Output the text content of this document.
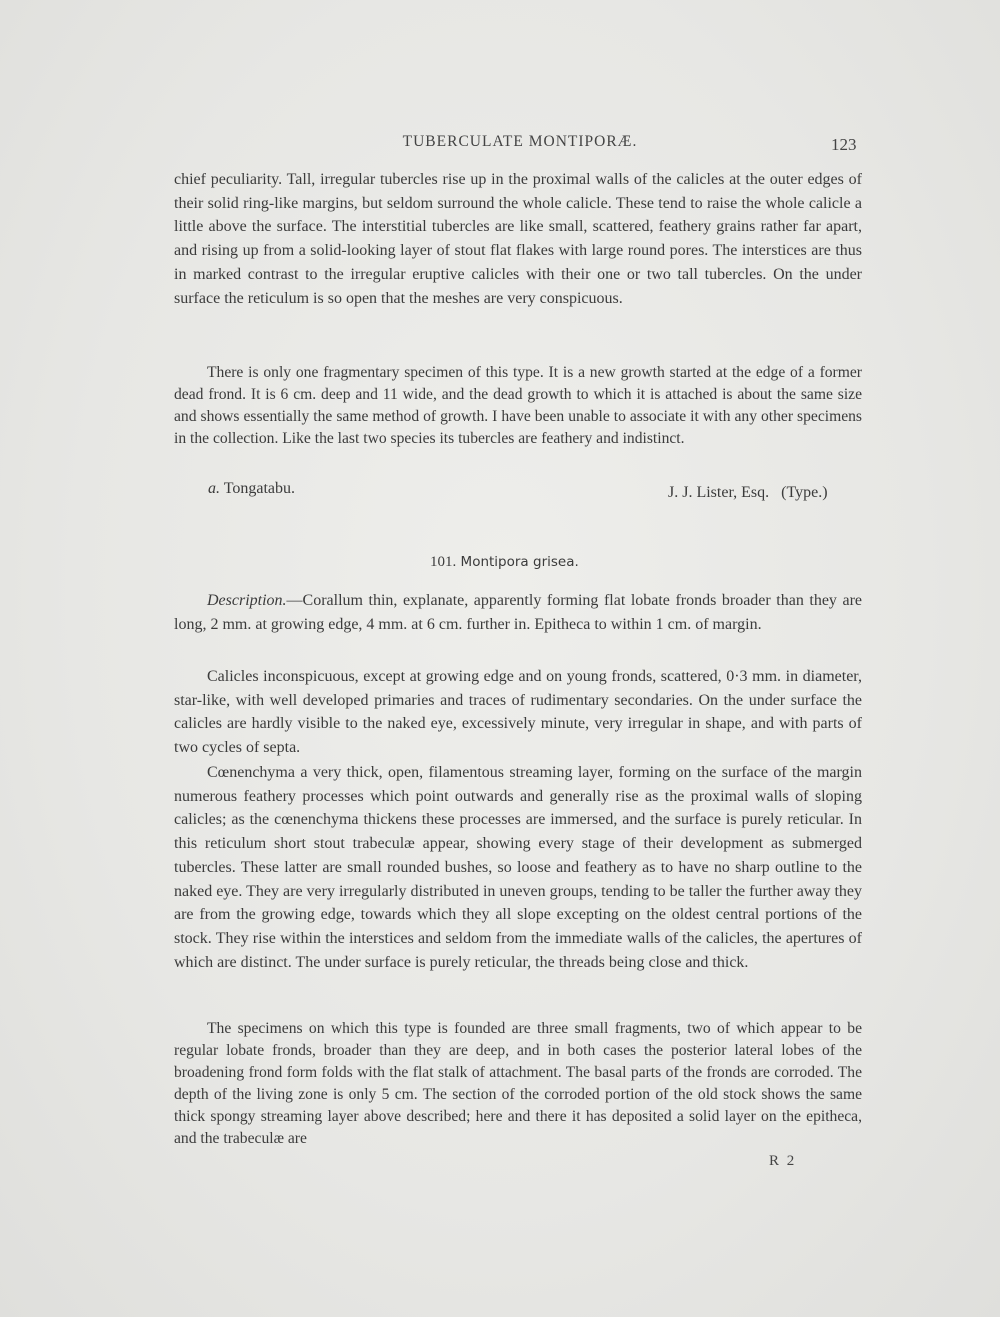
TUBERCULATE MONTIPORÆ.	123
chief peculiarity. Tall, irregular tubercles rise up in the proximal walls of the calicles at the outer edges of their solid ring-like margins, but seldom surround the whole calicle. These tend to raise the whole calicle a little above the surface. The interstitial tubercles are like small, scattered, feathery grains rather far apart, and rising up from a solid-looking layer of stout flat flakes with large round pores. The interstices are thus in marked contrast to the irregular eruptive calicles with their one or two tall tubercles. On the under surface the reticulum is so open that the meshes are very conspicuous.
There is only one fragmentary specimen of this type. It is a new growth started at the edge of a former dead frond. It is 6 cm. deep and 11 wide, and the dead growth to which it is attached is about the same size and shows essentially the same method of growth. I have been unable to associate it with any other specimens in the collection. Like the last two species its tubercles are feathery and indistinct.
a. Tongatabu.	J. J. Lister, Esq. (Type.)
101. Montipora grisea.
Description.—Corallum thin, explanate, apparently forming flat lobate fronds broader than they are long, 2 mm. at growing edge, 4 mm. at 6 cm. further in. Epitheca to within 1 cm. of margin.
Calicles inconspicuous, except at growing edge and on young fronds, scattered, 0·3 mm. in diameter, star-like, with well developed primaries and traces of rudimentary secondaries. On the under surface the calicles are hardly visible to the naked eye, excessively minute, very irregular in shape, and with parts of two cycles of septa.
Cœnenchyma a very thick, open, filamentous streaming layer, forming on the surface of the margin numerous feathery processes which point outwards and generally rise as the proximal walls of sloping calicles; as the cœnenchyma thickens these processes are immersed, and the surface is purely reticular. In this reticulum short stout trabeculæ appear, showing every stage of their development as submerged tubercles. These latter are small rounded bushes, so loose and feathery as to have no sharp outline to the naked eye. They are very irregularly distributed in uneven groups, tending to be taller the further away they are from the growing edge, towards which they all slope excepting on the oldest central portions of the stock. They rise within the interstices and seldom from the immediate walls of the calicles, the apertures of which are distinct. The under surface is purely reticular, the threads being close and thick.
The specimens on which this type is founded are three small fragments, two of which appear to be regular lobate fronds, broader than they are deep, and in both cases the posterior lateral lobes of the broadening frond form folds with the flat stalk of attachment. The basal parts of the fronds are corroded. The depth of the living zone is only 5 cm. The section of the corroded portion of the old stock shows the same thick spongy streaming layer above described; here and there it has deposited a solid layer on the epitheca, and the trabeculæ are
R 2
